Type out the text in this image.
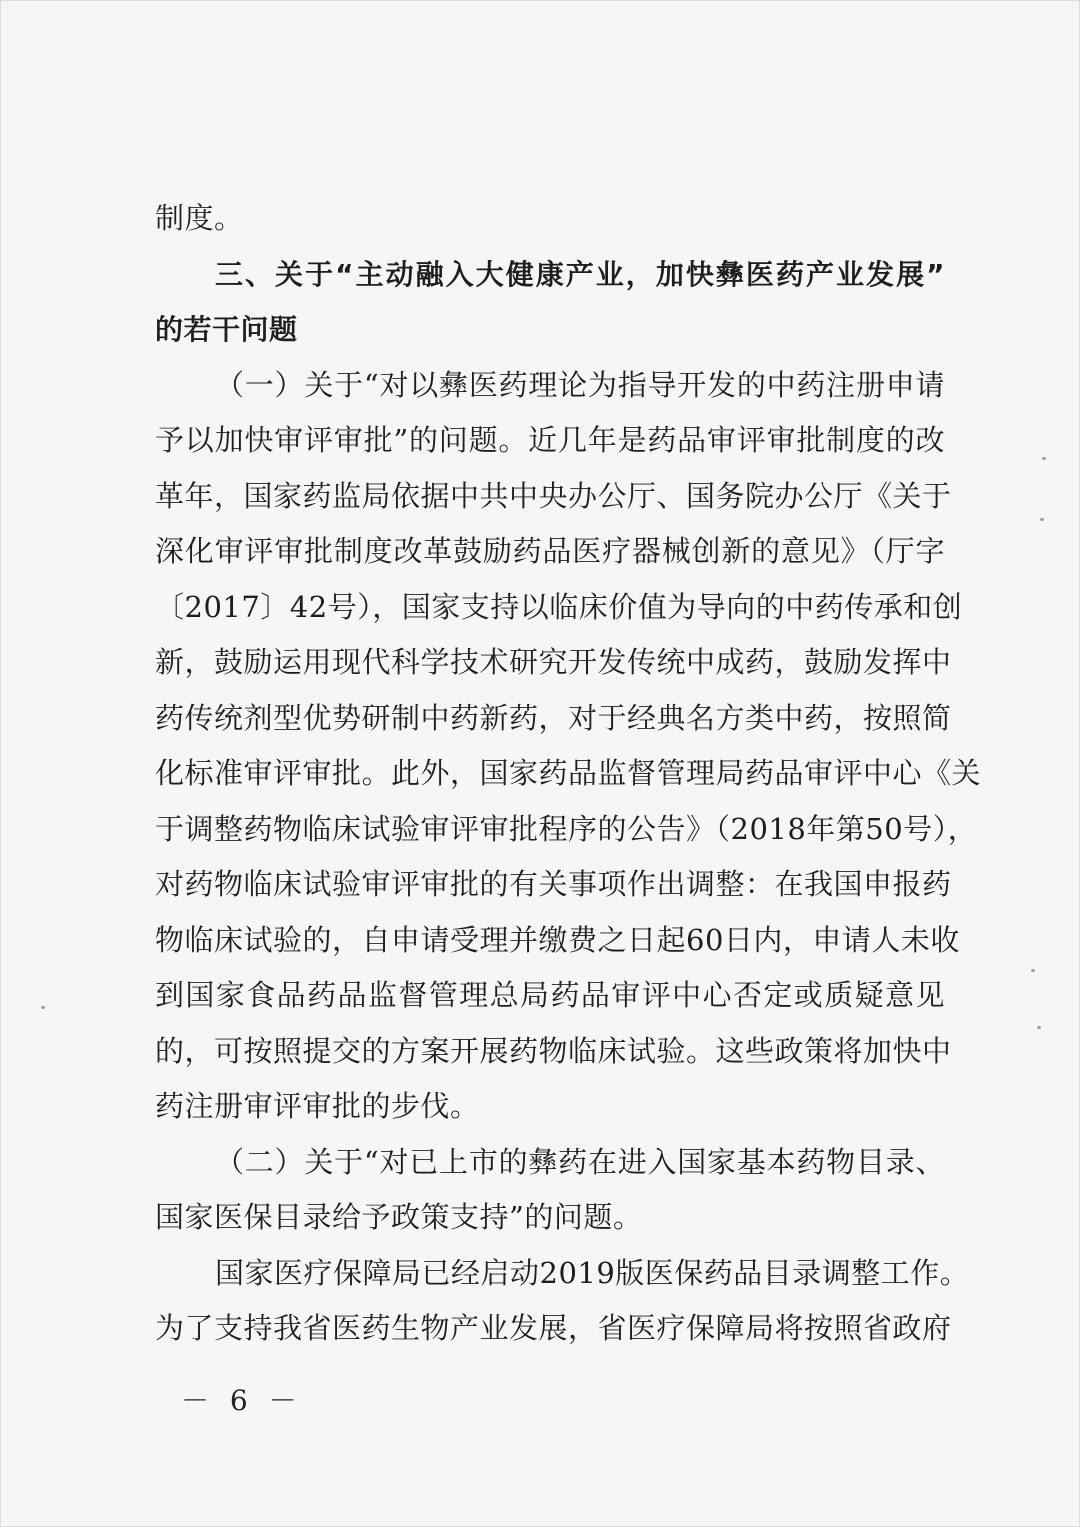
制度。
三、关于“主动融入大健康产业，加快彝医药产业发展”
的若干问题
（一）关于“对以彝医药理论为指导开发的中药注册申请
予以加快审评审批”的问题。近几年是药品审评审批制度的改
革年，国家药监局依据中共中央办公厅、国务院办公厅《关于
深化审评审批制度改革鼓励药品医疗器械创新的意见》（厅字
〔2017〕42号），国家支持以临床价值为导向的中药传承和创
新，鼓励运用现代科学技术研究开发传统中成药，鼓励发挥中
药传统剂型优势研制中药新药，对于经典名方类中药，按照简
化标准审评审批。此外，国家药品监督管理局药品审评中心《关
于调整药物临床试验审评审批程序的公告》（2018年第50号），
对药物临床试验审评审批的有关事项作出调整：在我国申报药
物临床试验的，自申请受理并缴费之日起60日内，申请人未收
到国家食品药品监督管理总局药品审评中心否定或质疑意见
的，可按照提交的方案开展药物临床试验。这些政策将加快中
药注册审评审批的步伐。
（二）关于“对已上市的彝药在进入国家基本药物目录、
国家医保目录给予政策支持”的问题。
国家医疗保障局已经启动2019版医保药品目录调整工作。
为了支持我省医药生物产业发展，省医疗保障局将按照省政府
－ 6 －
